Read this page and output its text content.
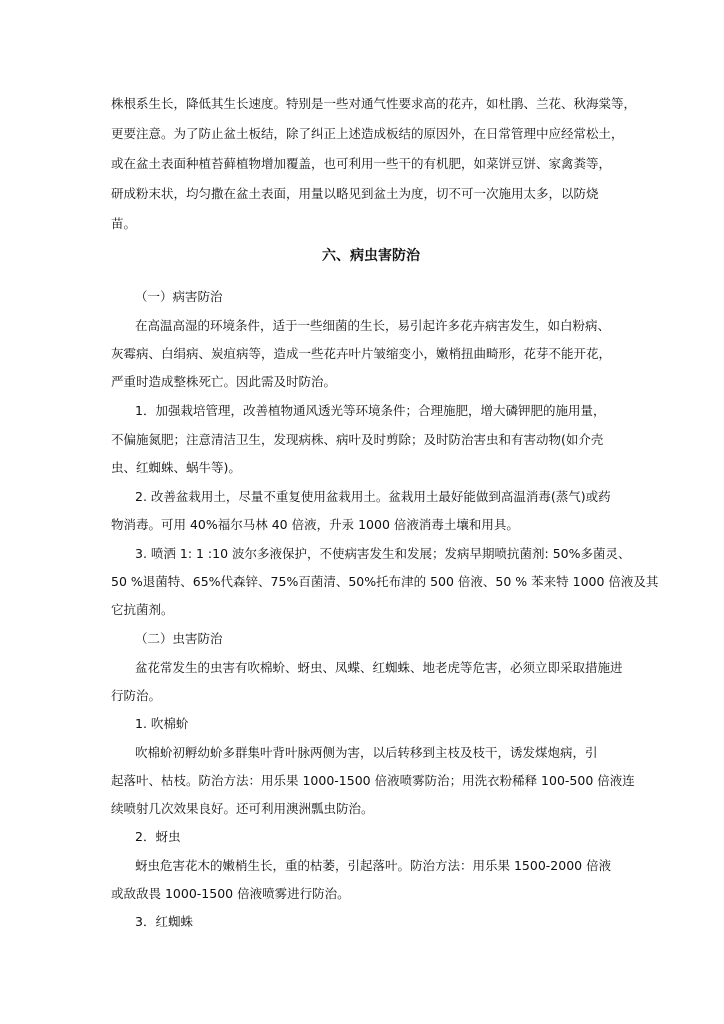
株根系生长，降低其生长速度。特别是一些对通气性要求高的花卉，如杜鹃、兰花、秋海棠等，
更要注意。为了防止盆土板结，除了纠正上述造成板结的原因外，在日常管理中应经常松土，
或在盆土表面种植苔藓植物增加覆盖，也可利用一些干的有机肥，如菜饼豆饼、家禽粪等，
研成粉末状，均匀撒在盆土表面，用量以略见到盆土为度，切不可一次施用太多，以防烧
苗。
六、病虫害防治
（一）病害防治
在高温高湿的环境条件，适于一些细菌的生长，易引起许多花卉病害发生，如白粉病、
灰霉病、白绢病、炭疽病等，造成一些花卉叶片皱缩变小，嫩梢扭曲畸形，花芽不能开花，
严重时造成整株死亡。因此需及时防治。
1．加强栽培管理，改善植物通风透光等环境条件；合理施肥，增大磷钾肥的施用量，
不偏施氮肥；注意清洁卫生，发现病株、病叶及时剪除；及时防治害虫和有害动物(如介壳
虫、红蜘蛛、蜗牛等)。
2. 改善盆栽用土，尽量不重复使用盆栽用土。盆栽用土最好能做到高温消毒(蒸气)或药
物消毒。可用 40%福尔马林 40 倍液，升汞 1000 倍液消毒土壤和用具。
3. 喷洒 1: 1 :10 波尔多液保护，不使病害发生和发展；发病早期喷抗菌剂: 50%多菌灵、
50 %退菌特、65%代森锌、75%百菌清、50%托布津的 500 倍液、50 % 苯来特 1000 倍液及其
它抗菌剂。
（二）虫害防治
盆花常发生的虫害有吹棉蚧、蚜虫、凤蝶、红蜘蛛、地老虎等危害，必须立即采取措施进
行防治。
1. 吹棉蚧
吹棉蚧初孵幼蚧多群集叶背叶脉两侧为害，以后转移到主枝及枝干，诱发煤炮病，引
起落叶、枯枝。防治方法：用乐果 1000-1500 倍液喷雾防治；用洗衣粉稀释 100-500 倍液连
续喷射几次效果良好。还可利用澳洲瓢虫防治。
2．蚜虫
蚜虫危害花木的嫩梢生长，重的枯萎，引起落叶。防治方法：用乐果 1500-2000 倍液
或敌敌畏 1000-1500 倍液喷雾进行防治。
3．红蜘蛛
